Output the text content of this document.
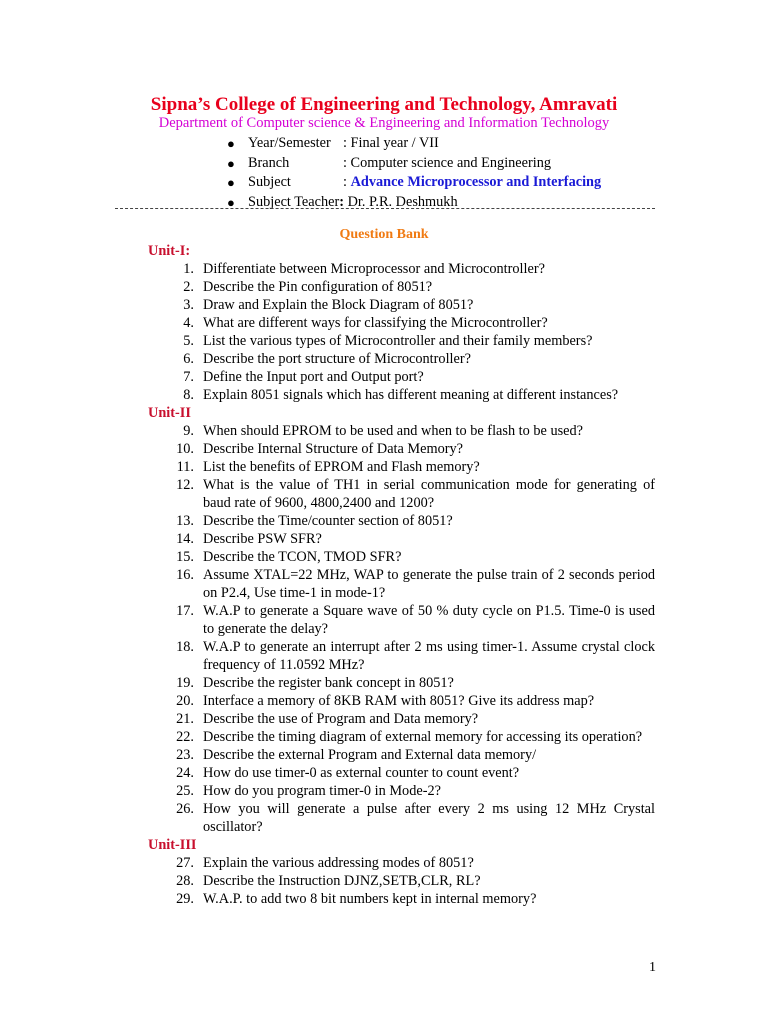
Sipna’s College of Engineering and Technology, Amravati
Department of Computer science & Engineering and Information Technology
● Year/Semester : Final year / VII
● Branch	: Computer science and Engineering
● Subject	: Advance Microprocessor and Interfacing
● Subject Teacher: Dr. P.R. Deshmukh
Question Bank
Unit-I:
1. Differentiate between Microprocessor and Microcontroller?
2. Describe the Pin configuration of 8051?
3. Draw and Explain the Block Diagram of 8051?
4. What are different ways for classifying the Microcontroller?
5. List the various types of Microcontroller and their family members?
6. Describe the port structure of Microcontroller?
7. Define the Input port and Output port?
8. Explain 8051 signals which has different meaning at different instances?
Unit-II
9. When should EPROM to be used and when to be flash to be used?
10. Describe Internal Structure of Data Memory?
11. List the benefits of EPROM and Flash memory?
12. What is the value of TH1 in serial communication mode for generating of baud rate of 9600, 4800,2400 and 1200?
13. Describe the Time/counter section of 8051?
14. Describe PSW SFR?
15. Describe the TCON, TMOD SFR?
16. Assume XTAL=22 MHz, WAP to generate the pulse train of 2 seconds period on P2.4, Use time-1 in mode-1?
17. W.A.P to generate a Square wave of 50 % duty cycle on P1.5. Time-0 is used to generate the delay?
18. W.A.P to generate an interrupt after 2 ms using timer-1. Assume crystal clock frequency of 11.0592 MHz?
19. Describe the register bank concept in 8051?
20. Interface a memory of 8KB RAM with 8051? Give its address map?
21. Describe the use of Program and Data memory?
22. Describe the timing diagram of external memory for accessing its operation?
23. Describe the external Program and External data memory/
24. How do use timer-0 as external counter to count event?
25. How do you program timer-0 in Mode-2?
26. How you will generate a pulse after every 2 ms using 12 MHz Crystal oscillator?
Unit-III
27. Explain the various addressing modes of 8051?
28. Describe the Instruction DJNZ,SETB,CLR, RL?
29. W.A.P. to add two 8 bit numbers kept in internal memory?
1
